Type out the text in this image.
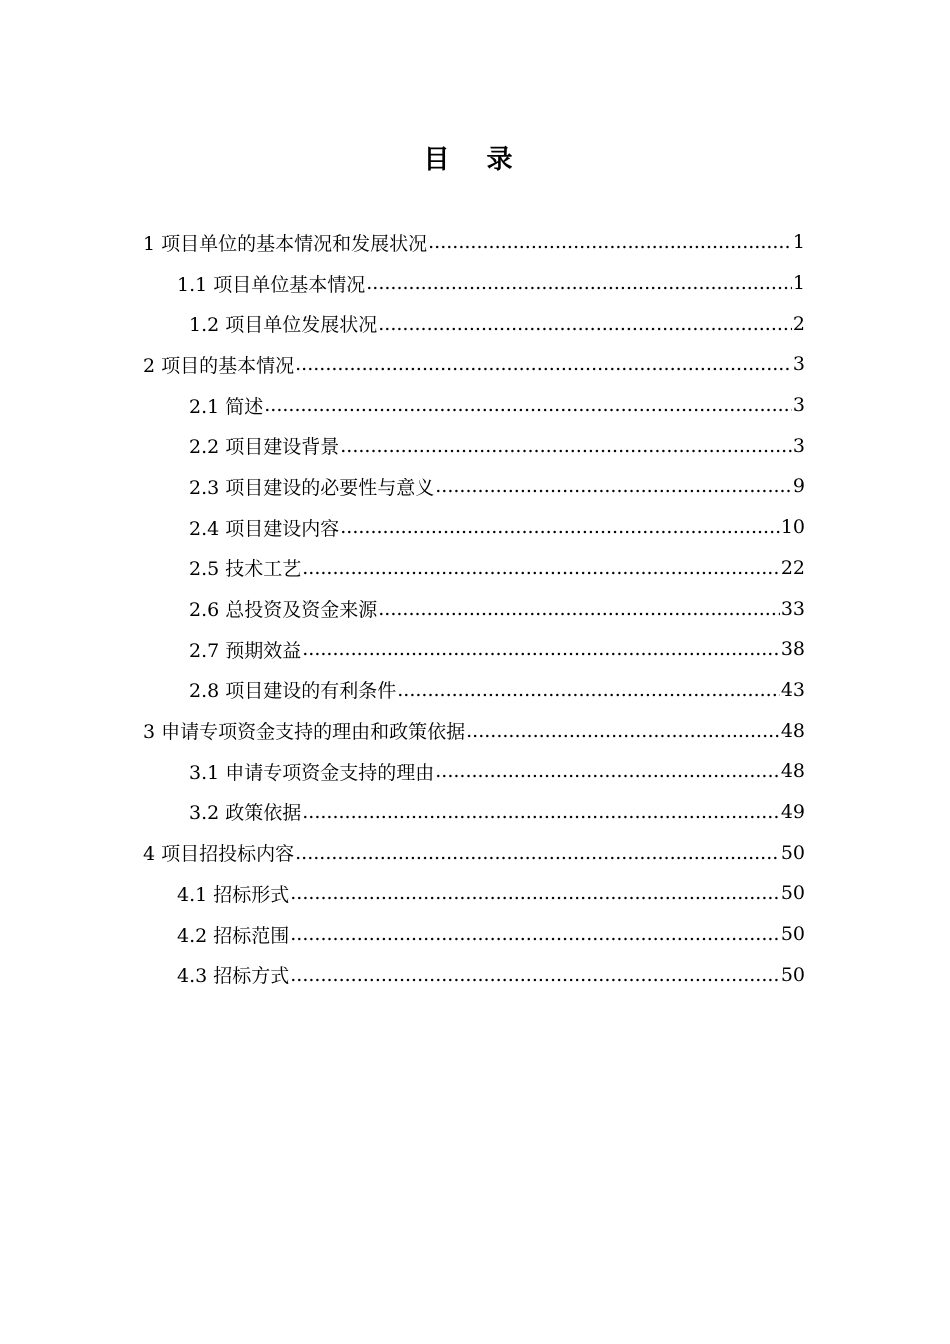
目 录
1 项目单位的基本情况和发展状况 .....	1
1.1 项目单位基本情况 .....	1
1.2 项目单位发展状况 .....	2
2 项目的基本情况 .....	3
2.1 简述 .....	3
2.2 项目建设背景 .....	3
2.3 项目建设的必要性与意义 .....	9
2.4 项目建设内容 .....	10
2.5 技术工艺 .....	22
2.6 总投资及资金来源 .....	33
2.7 预期效益 .....	38
2.8 项目建设的有利条件 .....	43
3 申请专项资金支持的理由和政策依据 .....	48
3.1 申请专项资金支持的理由 .....	48
3.2 政策依据 .....	49
4 项目招投标内容 .....	50
4.1 招标形式 .....	50
4.2 招标范围 .....	50
4.3 招标方式 .....	50
